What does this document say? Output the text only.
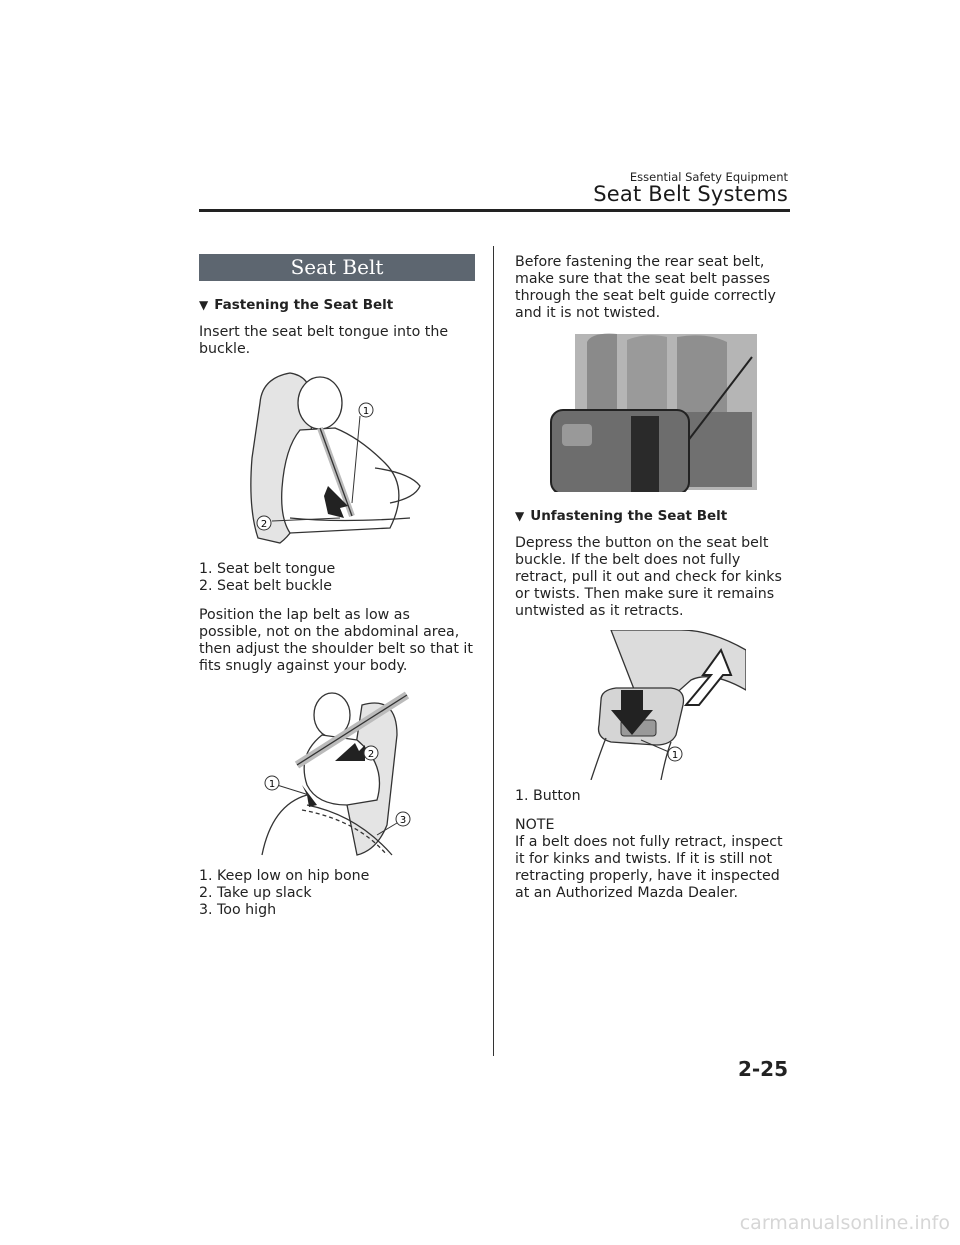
Essential Safety Equipment
Seat Belt Systems
Seat Belt
▼ Fastening the Seat Belt

Insert the seat belt tongue into the buckle.

1
2
1. Seat belt tongue
2. Seat belt buckle

Position the lap belt as low as possible, not on the abdominal area, then adjust the shoulder belt so that it fits snugly against your body.

2
1
3
1. Keep low on hip bone
2. Take up slack
3. Too high

Before fastening the rear seat belt, make sure that the seat belt passes through the seat belt guide correctly and it is not twisted.

▼ Unfastening the Seat Belt

Depress the button on the seat belt buckle. If the belt does not fully retract, pull it out and check for kinks or twists. Then make sure it remains untwisted as it retracts.

1
1. Button

NOTE

If a belt does not fully retract, inspect it for kinks and twists. If it is still not retracting properly, have it inspected at an Authorized Mazda Dealer.

2-25
carmanualsonline.info
